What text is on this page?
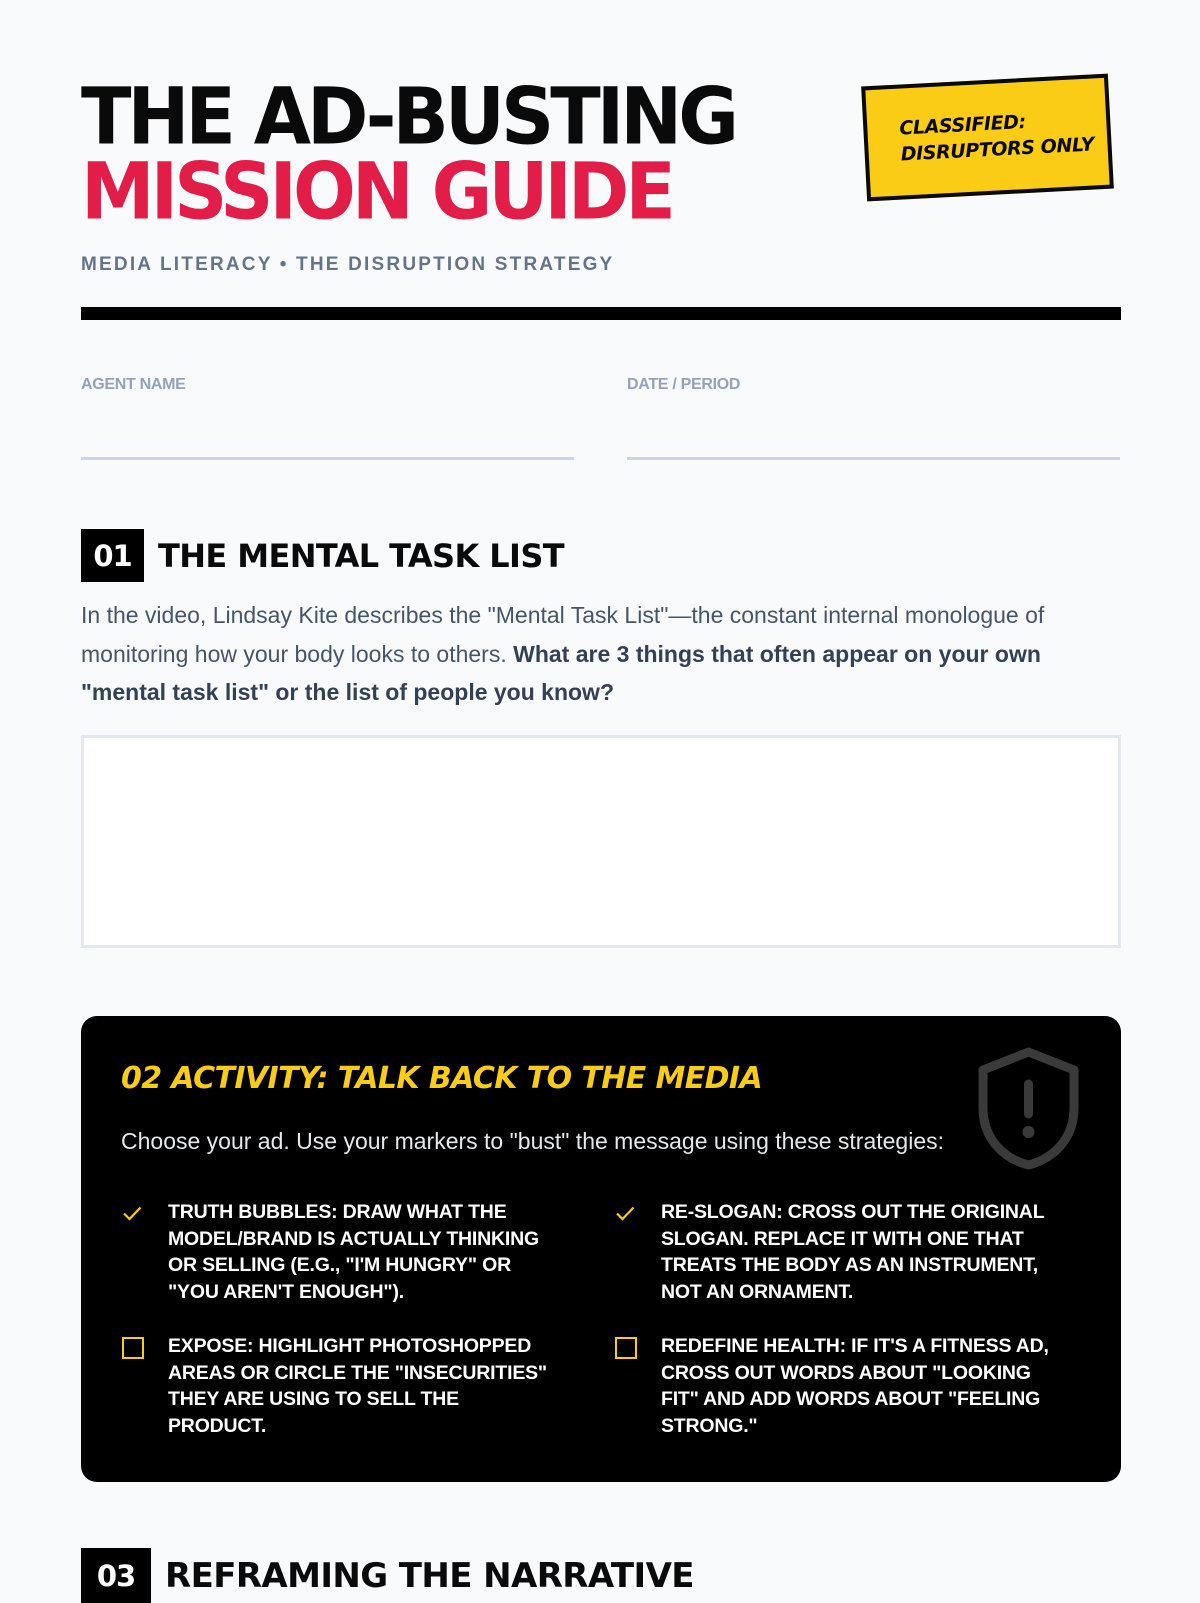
THE AD-BUSTING
MISSION GUIDE
CLASSIFIED:
DISRUPTORS ONLY
MEDIA LITERACY • THE DISRUPTION STRATEGY
AGENT NAME	DATE / PERIOD
01 THE MENTAL TASK LIST

In the video, Lindsay Kite describes the "Mental Task List"—the constant internal monologue of monitoring how your body looks to others. What are 3 things that often appear on your own "mental task list" or the list of people you know?

02 ACTIVITY: TALK BACK TO THE MEDIA
Choose your ad. Use your markers to "bust" the message using these strategies:
TRUTH BUBBLES: DRAW WHAT THE MODEL/BRAND IS ACTUALLY THINKING OR SELLING (E.G., "I'M HUNGRY" OR "YOU AREN'T ENOUGH").
RE-SLOGAN: CROSS OUT THE ORIGINAL SLOGAN. REPLACE IT WITH ONE THAT TREATS THE BODY AS AN INSTRUMENT, NOT AN ORNAMENT.
EXPOSE: HIGHLIGHT PHOTOSHOPPED AREAS OR CIRCLE THE "INSECURITIES" THEY ARE USING TO SELL THE PRODUCT.
REDEFINE HEALTH: IF IT'S A FITNESS AD, CROSS OUT WORDS ABOUT "LOOKING FIT" AND ADD WORDS ABOUT "FEELING STRONG."
03 REFRAMING THE NARRATIVE
